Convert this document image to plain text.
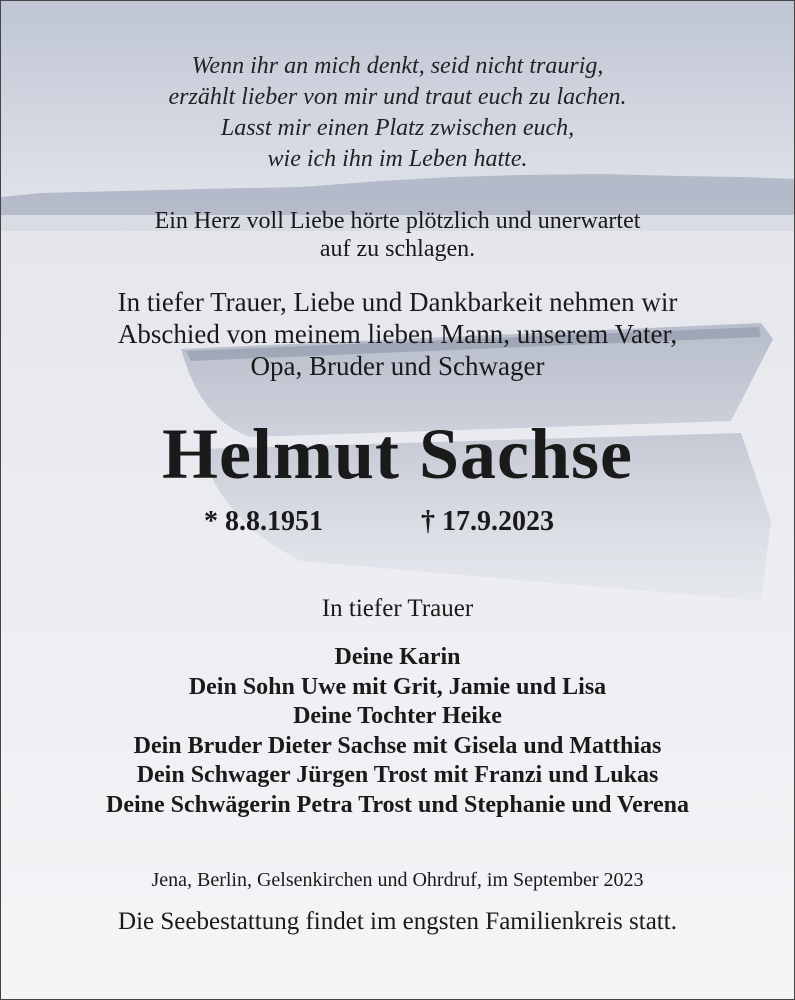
Wenn ihr an mich denkt, seid nicht traurig,
erzählt lieber von mir und traut euch zu lachen.
Lasst mir einen Platz zwischen euch,
wie ich ihn im Leben hatte.
Ein Herz voll Liebe hörte plötzlich und unerwartet
auf zu schlagen.
In tiefer Trauer, Liebe und Dankbarkeit nehmen wir
Abschied von meinem lieben Mann, unserem Vater,
Opa, Bruder und Schwager
Helmut Sachse
* 8.8.1951	† 17.9.2023
In tiefer Trauer
Deine Karin
Dein Sohn Uwe mit Grit, Jamie und Lisa
Deine Tochter Heike
Dein Bruder Dieter Sachse mit Gisela und Matthias
Dein Schwager Jürgen Trost mit Franzi und Lukas
Deine Schwägerin Petra Trost und Stephanie und Verena
Jena, Berlin, Gelsenkirchen und Ohrdruf, im September 2023
Die Seebestattung findet im engsten Familienkreis statt.
